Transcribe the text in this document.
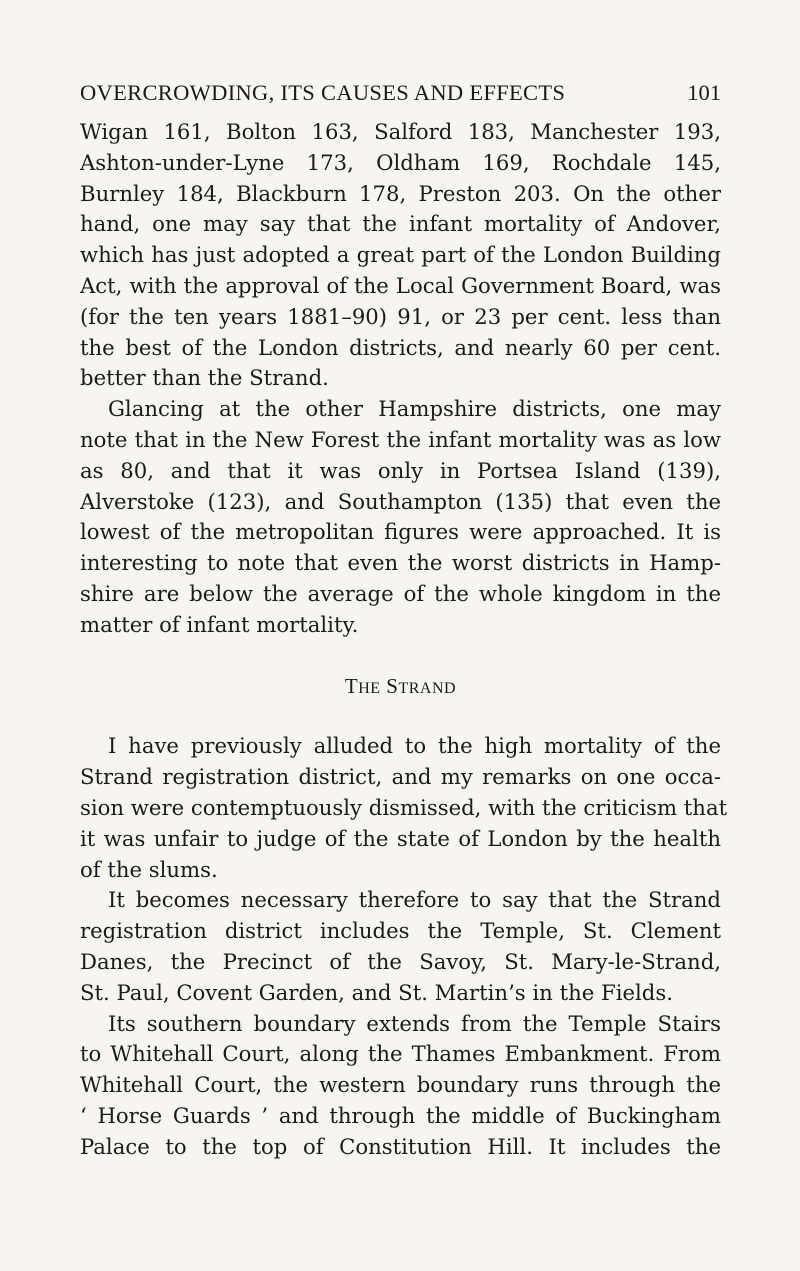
OVERCROWDING, ITS CAUSES AND EFFECTS	101
Wigan 161, Bolton 163, Salford 183, Manchester 193,
Ashton-under-Lyne 173, Oldham 169, Rochdale 145,
Burnley 184, Blackburn 178, Preston 203. On the other
hand, one may say that the infant mortality of Andover,
which has just adopted a great part of the London Building
Act, with the approval of the Local Government Board, was
(for the ten years 1881–90) 91, or 23 per cent. less than
the best of the London districts, and nearly 60 per cent.
better than the Strand.
Glancing at the other Hampshire districts, one may
note that in the New Forest the infant mortality was as low
as 80, and that it was only in Portsea Island (139),
Alverstoke (123), and Southampton (135) that even the
lowest of the metropolitan figures were approached. It is
interesting to note that even the worst districts in Hamp-
shire are below the average of the whole kingdom in the
matter of infant mortality.
THE STRAND
I have previously alluded to the high mortality of the
Strand registration district, and my remarks on one occa-
sion were contemptuously dismissed, with the criticism that
it was unfair to judge of the state of London by the health
of the slums.
It becomes necessary therefore to say that the Strand
registration district includes the Temple, St. Clement
Danes, the Precinct of the Savoy, St. Mary-le-Strand,
St. Paul, Covent Garden, and St. Martin’s in the Fields.
Its southern boundary extends from the Temple Stairs
to Whitehall Court, along the Thames Embankment. From
Whitehall Court, the western boundary runs through the
‘ Horse Guards ’ and through the middle of Buckingham
Palace to the top of Constitution Hill. It includes the
